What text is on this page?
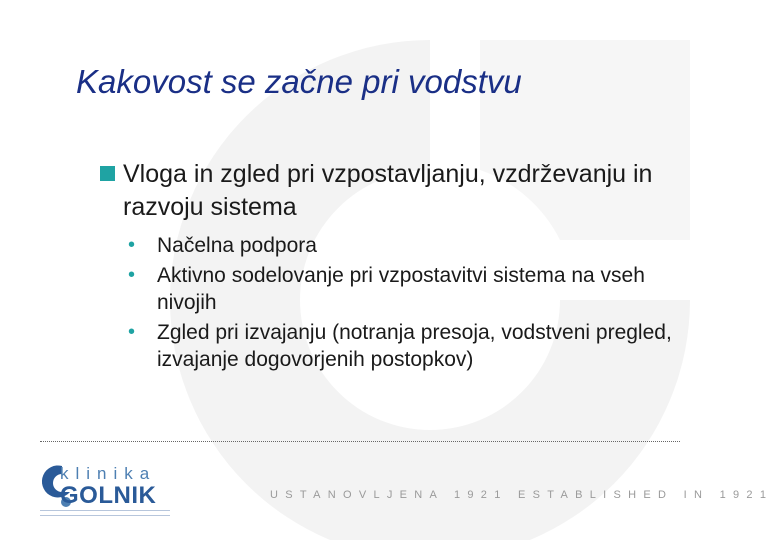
Kakovost se začne pri vodstvu
Vloga in zgled pri vzpostavljanju, vzdrževanju in razvoju sistema
• Načelna podpora
• Aktivno sodelovanje pri vzpostavitvi sistema na vseh nivojih
• Zgled pri izvajanju (notranja presoja, vodstveni pregled, izvajanje dogovorjenih postopkov)
klinika
GOLNIK	USTANOVLJENA 1921 ESTABLISHED IN 1921
